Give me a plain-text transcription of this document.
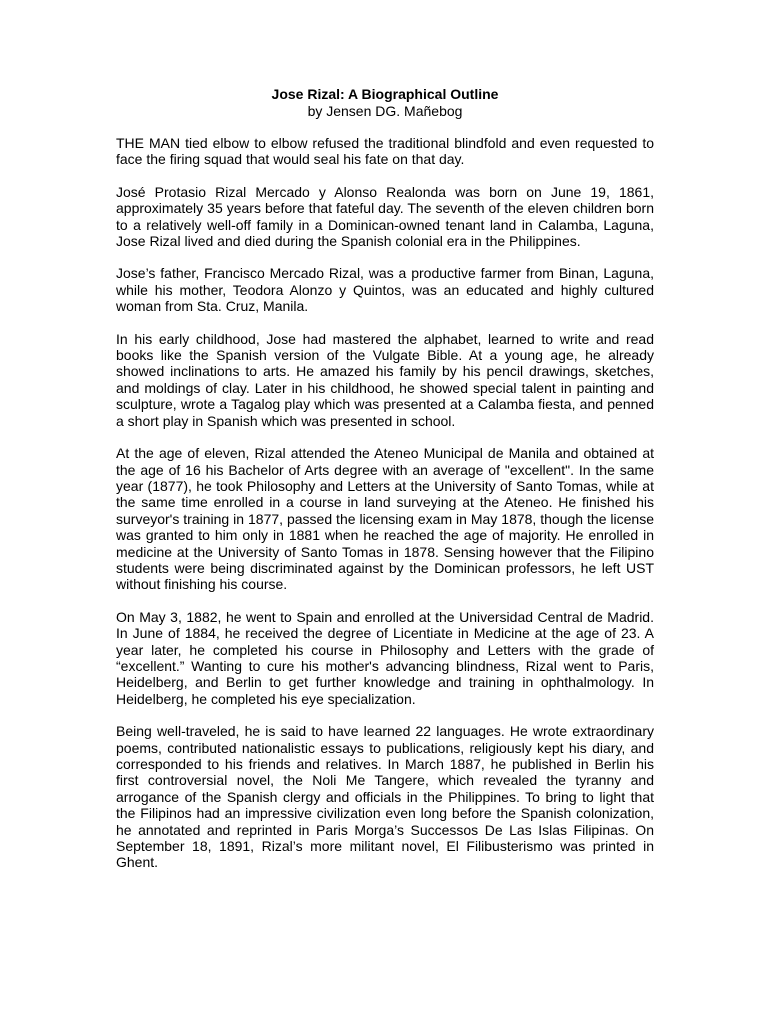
Jose Rizal: A Biographical Outline

by Jensen DG. Mañebog

THE MAN tied elbow to elbow refused the traditional blindfold and even requested to face the firing squad that would seal his fate on that day.

José Protasio Rizal Mercado y Alonso Realonda was born on June 19, 1861, approximately 35 years before that fateful day. The seventh of the eleven children born to a relatively well-off family in a Dominican-owned tenant land in Calamba, Laguna, Jose Rizal lived and died during the Spanish colonial era in the Philippines.

Jose’s father, Francisco Mercado Rizal, was a productive farmer from Binan, Laguna, while his mother, Teodora Alonzo y Quintos, was an educated and highly cultured woman from Sta. Cruz, Manila.

In his early childhood, Jose had mastered the alphabet, learned to write and read books like the Spanish version of the Vulgate Bible. At a young age, he already showed inclinations to arts. He amazed his family by his pencil drawings, sketches, and moldings of clay. Later in his childhood, he showed special talent in painting and sculpture, wrote a Tagalog play which was presented at a Calamba fiesta, and penned a short play in Spanish which was presented in school.

At the age of eleven, Rizal attended the Ateneo Municipal de Manila and obtained at the age of 16 his Bachelor of Arts degree with an average of "excellent". In the same year (1877), he took Philosophy and Letters at the University of Santo Tomas, while at the same time enrolled in a course in land surveying at the Ateneo. He finished his surveyor's training in 1877, passed the licensing exam in May 1878, though the license was granted to him only in 1881 when he reached the age of majority. He enrolled in medicine at the University of Santo Tomas in 1878. Sensing however that the Filipino students were being discriminated against by the Dominican professors, he left UST without finishing his course.

On May 3, 1882, he went to Spain and enrolled at the Universidad Central de Madrid. In June of 1884, he received the degree of Licentiate in Medicine at the age of 23. A year later, he completed his course in Philosophy and Letters with the grade of “excellent.” Wanting to cure his mother's advancing blindness, Rizal went to Paris, Heidelberg, and Berlin to get further knowledge and training in ophthalmology. In Heidelberg, he completed his eye specialization.

Being well-traveled, he is said to have learned 22 languages. He wrote extraordinary poems, contributed nationalistic essays to publications, religiously kept his diary, and corresponded to his friends and relatives. In March 1887, he published in Berlin his first controversial novel, the Noli Me Tangere, which revealed the tyranny and arrogance of the Spanish clergy and officials in the Philippines. To bring to light that the Filipinos had an impressive civilization even long before the Spanish colonization, he annotated and reprinted in Paris Morga’s Successos De Las Islas Filipinas. On September 18, 1891, Rizal’s more militant novel, El Filibusterismo was printed in Ghent.
